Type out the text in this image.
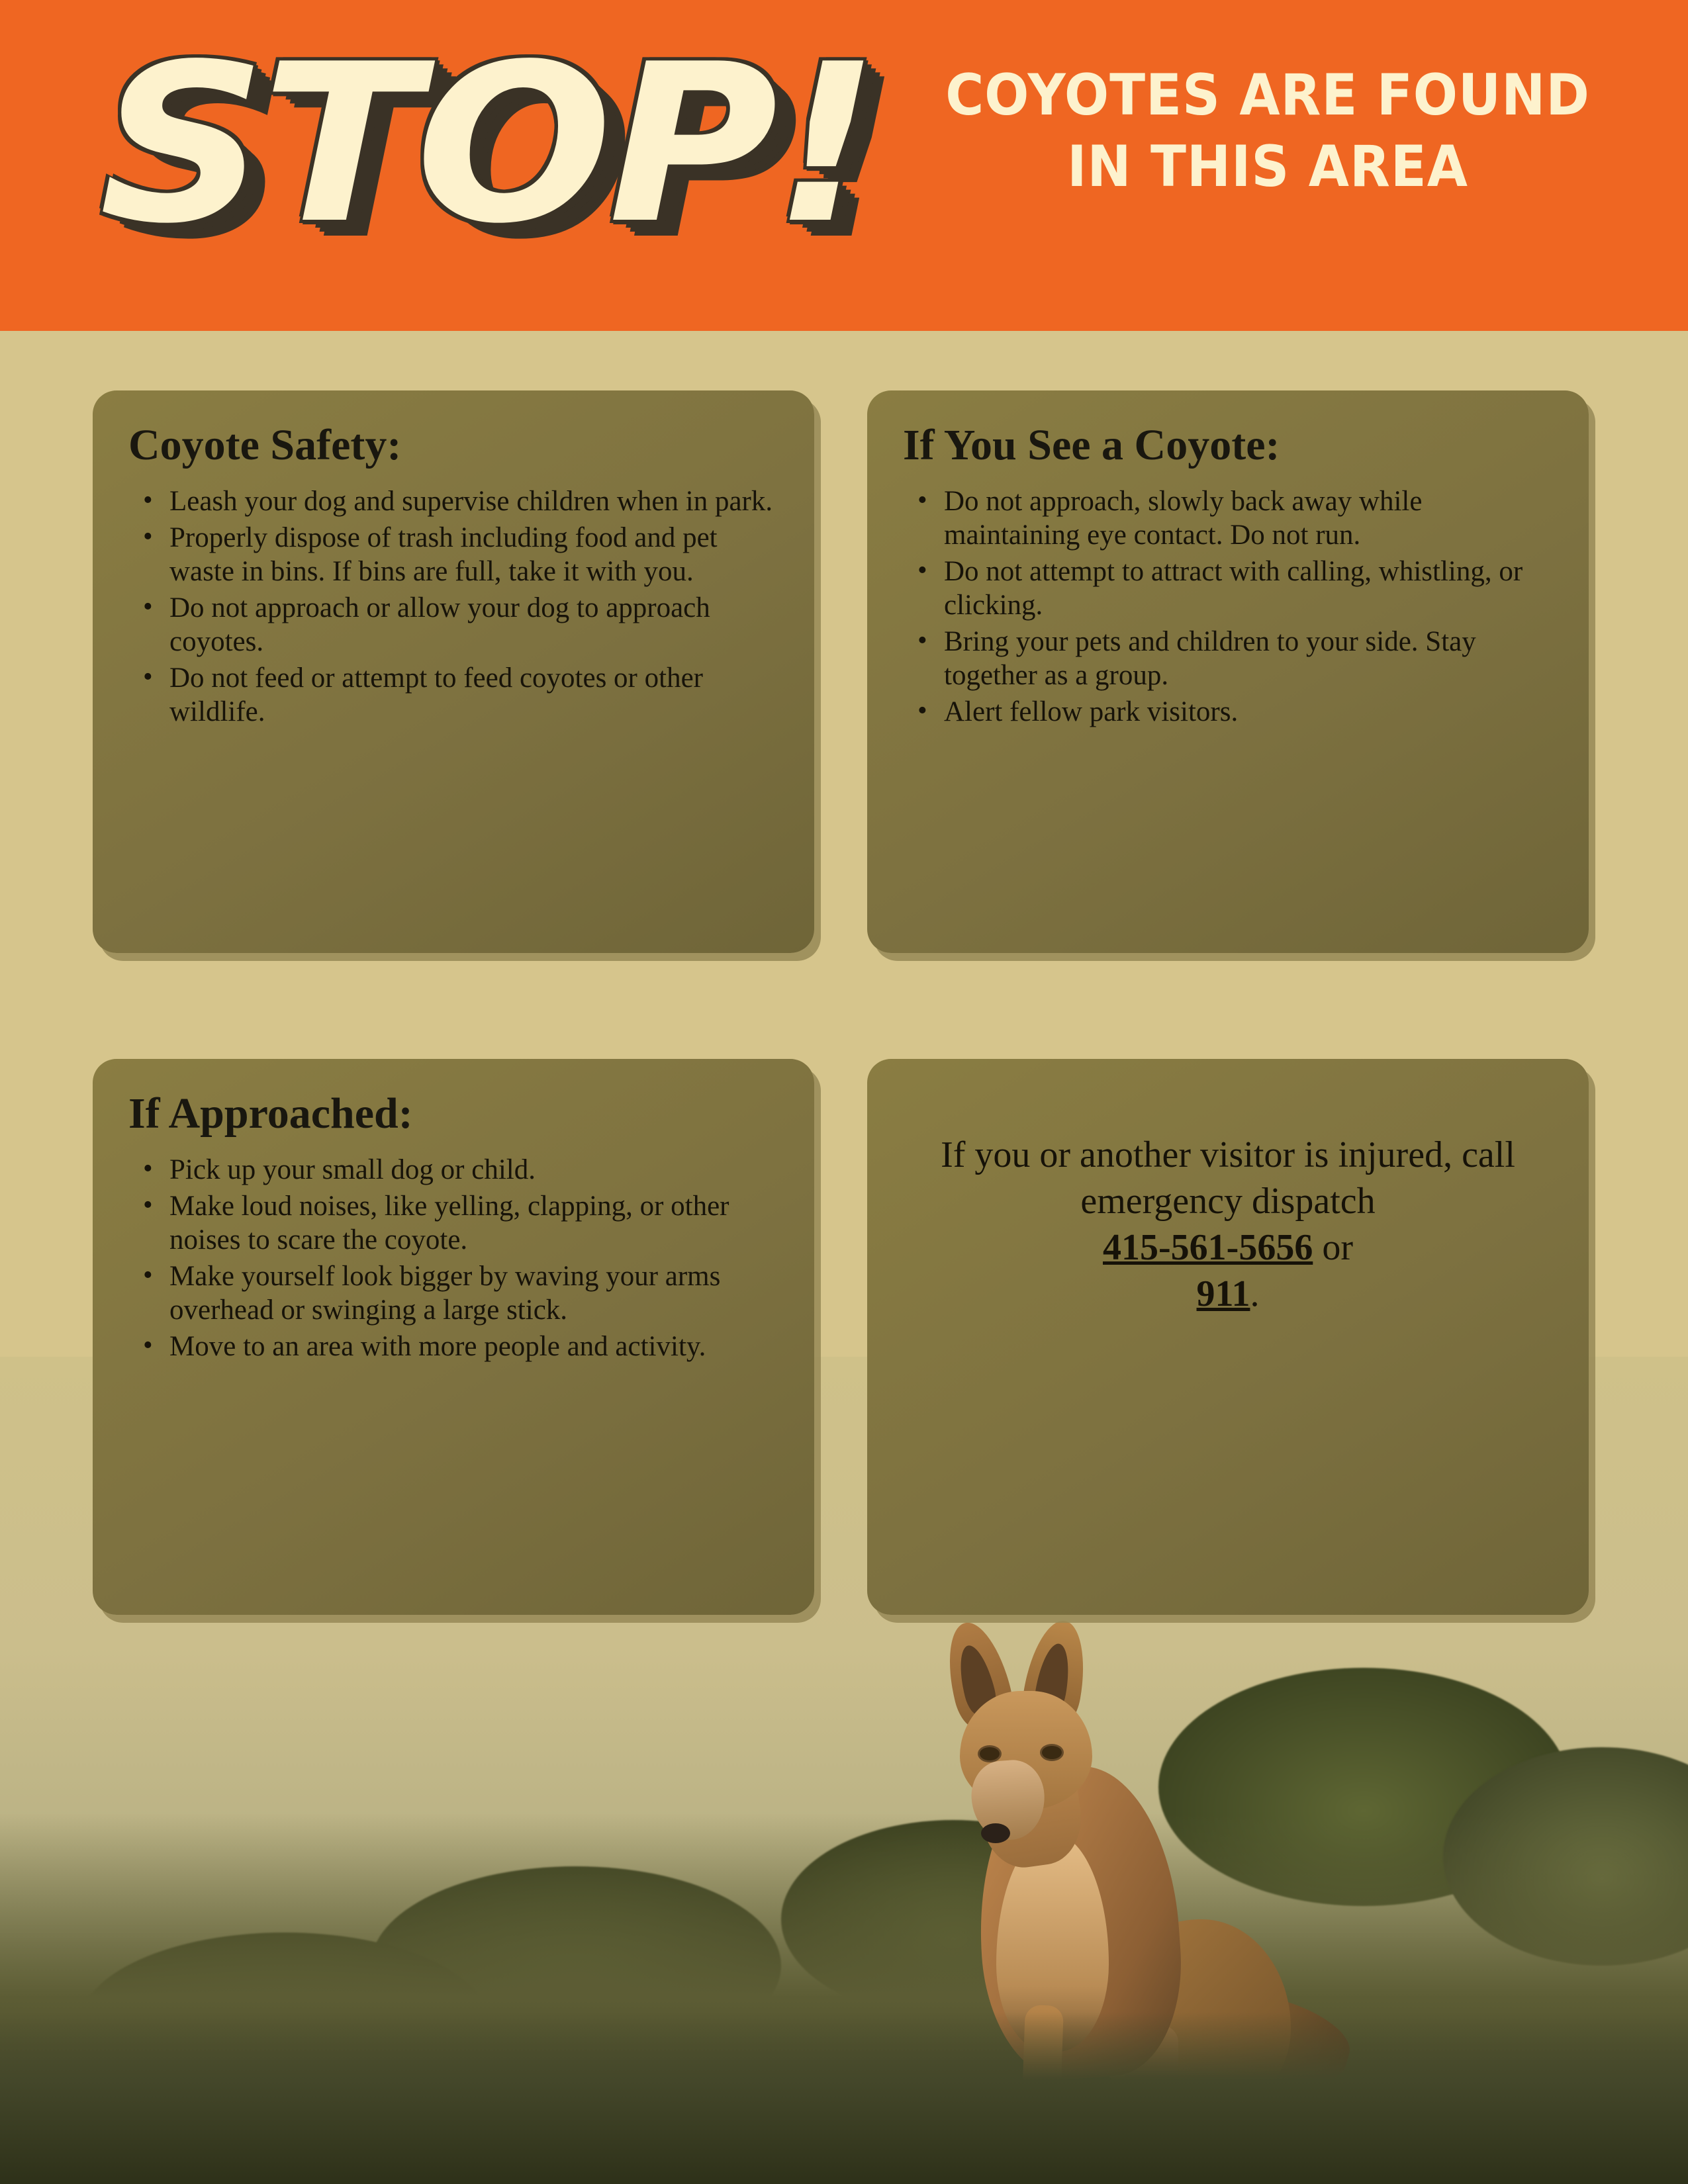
STOP! COYOTES ARE FOUND
IN THIS AREA
Coyote Safety:
• Leash your dog and supervise children when in park.
• Properly dispose of trash including food and pet waste in bins. If bins are full, take it with you.
• Do not approach or allow your dog to approach coyotes.
• Do not feed or attempt to feed coyotes or other wildlife.
If You See a Coyote:
• Do not approach, slowly back away while maintaining eye contact. Do not run.
• Do not attempt to attract with calling, whistling, or clicking.
• Bring your pets and children to your side. Stay together as a group.
• Alert fellow park visitors.
If Approached:
• Pick up your small dog or child.
• Make loud noises, like yelling, clapping, or other noises to scare the coyote.
• Make yourself look bigger by waving your arms overhead or swinging a large stick.
• Move to an area with more people and activity.
If you or another visitor is injured, call emergency dispatch
415-561-5656 or
911.
